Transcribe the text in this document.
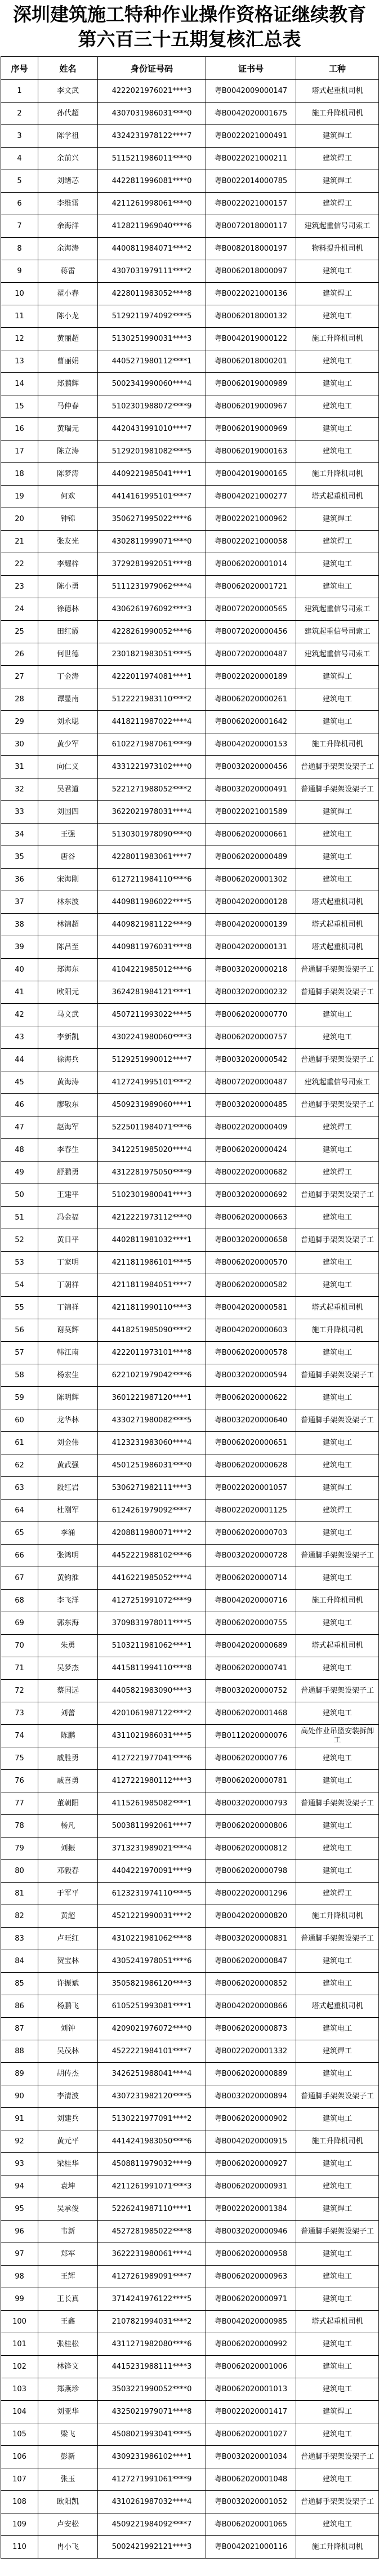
深圳建筑施工特种作业操作资格证继续教育
第六百三十五期复核汇总表
序号	姓名	身份证号码	证书号	工种
1	李文武	4222021976021****3	粤B0042009000147	塔式起重机司机
2	孙代超	4307031986031****0	粤B0042020001675	施工升降机司机
3	陈学祖	4324231978122****7	粤B0022021000491	建筑焊工
4	余前兴	5115211986011****0	粤B0022021000211	建筑焊工
5	刘绪芯	4422811996081****0	粤B0022014000785	建筑焊工
6	李维雷	4211261998061****0	粤B0022021000157	建筑焊工
7	余海洋	4128211969040****6	粤B0072018000117	建筑起重信号司索工
8	余海涛	4400811984071****2	粤B0082018000197	物料提升机司机
9	蒋雷	4307031979111****2	粤B0062018000097	建筑电工
10	翟小春	4228011983052****8	粤B0022021000136	建筑焊工
11	陈小龙	5129211974092****5	粤B0062018000132	建筑电工
12	黄丽超	5130251990031****3	粤B0042019000122	施工升降机司机
13	曹丽娟	4405271980112****1	粤B0062018000201	建筑电工
14	郑鹏辉	5002341990060****4	粤B0062019000989	建筑电工
15	马仲春	5102301988072****9	粤B0062019000967	建筑电工
16	黄瑞元	4420431991010****7	粤B0062019000969	建筑电工
17	陈立涛	5129201981082****5	粤B0062019000163	建筑电工
18	陈梦涛	4409221985041****1	粤B0042019000165	施工升降机司机
19	何欢	4414161995101****7	粤B0042021000277	塔式起重机司机
20	钟锦	3506271995022****6	粤B0022021000962	建筑焊工
21	张友光	4302811999071****0	粤B0022021000058	建筑焊工
22	李耀梓	3729281992051****8	粤B0062020001014	建筑电工
23	陈小勇	5111231979062****4	粤B0062020001721	建筑电工
24	徐德林	4306261976092****3	粤B0072020000565	建筑起重信号司索工
25	田红霞	4228261990052****6	粤B0072020000456	建筑起重信号司索工
26	何世德	2301821983051****5	粤B0072020000487	建筑起重信号司索工
27	丁金涛	4222011974081****1	粤B0022020000189	建筑焊工
28	谭显南	5122221983110****2	粤B0062020000261	建筑电工
29	刘永聪	4418211987022****4	粤B0062020001642	建筑电工
30	黄少军	6102271987061****9	粤B0042020000153	施工升降机司机
31	向仁义	4331221973102****0	粤B0032020000456	普通脚手架架设架子工
32	吴君道	5221271988052****2	粤B0032020000491	普通脚手架架设架子工
33	刘国四	3622021978031****4	粤B0022021001589	建筑焊工
34	王强	5130301978090****0	粤B0062020000661	建筑电工
35	唐谷	4228011983061****7	粤B0062020000489	建筑电工
36	宋海刚	6127211984110****6	粤B0062020001302	建筑电工
37	林东波	4409811986022****5	粤B0042020000128	塔式起重机司机
38	林锦超	4409821981122****9	粤B0042020000139	塔式起重机司机
39	陈吕至	4409811976031****8	粤B0042020000131	塔式起重机司机
40	郑海东	4104221985012****6	粤B0032020000218	普通脚手架架设架子工
41	欧阳元	3624281984121****1	粤B0032020000232	普通脚手架架设架子工
42	马文武	4507211993022****5	粤B0062020000770	建筑电工
43	李新凯	4302241980060****3	粤B0062020000757	建筑电工
44	徐海兵	5129251990012****7	粤B0032020000542	普通脚手架架设架子工
45	黄海涛	4127241995101****2	粤B0072020000487	建筑起重信号司索工
46	廖敬东	4509231989060****1	粤B0032020000485	普通脚手架架设架子工
47	赵海军	5225011984071****6	粤B0022020000409	建筑焊工
48	李春生	3412251985020****4	粤B0062020000424	建筑电工
49	舒鹏勇	4312281975050****9	粤B0022020000682	建筑焊工
50	王建平	5102301980041****3	粤B0032020000692	普通脚手架架设架子工
51	冯金福	4212221973112****0	粤B0062020000663	建筑电工
52	黄日平	4402811981032****1	粤B0032020000658	普通脚手架架设架子工
53	丁家明	4211811986101****5	粤B0062020000570	建筑电工
54	丁朝祥	4211811984051****7	粤B0062020000582	建筑电工
55	丁锦祥	4211811990110****3	粤B0042020000581	塔式起重机司机
56	谢莫辉	4418251985090****2	粤B0042020000603	施工升降机司机
57	韩江南	4222011973101****8	粤B0062020000578	建筑电工
58	杨宏生	6221021979042****6	粤B0032020000594	普通脚手架架设架子工
59	陈明辉	3601221987120****1	粤B0062020000622	建筑电工
60	龙华林	4330271980082****5	粤B0032020000640	普通脚手架架设架子工
61	刘金伟	4123231983060****4	粤B0062020000651	建筑电工
62	黄武强	4501251986031****0	粤B0062020000628	建筑电工
63	段红岩	5306271982111****3	粤B0022020001057	建筑焊工
64	杜刚军	6124261979092****7	粤B0022020001125	建筑焊工
65	李涌	4208811980071****2	粤B0062020000703	建筑电工
66	张鸿明	4452221988102****6	粤B0032020000728	普通脚手架架设架子工
67	黄钧淮	4416221985052****4	粤B0062020000714	建筑电工
68	李飞洋	4127251991072****9	粤B0042020000716	施工升降机司机
69	郭东海	3709831978011****5	粤B0062020000755	建筑电工
70	朱勇	5103211981062****1	粤B0042020000689	塔式起重机司机
71	吴梦杰	4415811994110****8	粤B0062020000741	建筑电工
72	蔡国远	4405821983090****3	粤B0032020000752	普通脚手架架设架子工
73	刘蕾	4201061987122****2	粤B0062020001468	建筑电工
74	陈鹏	4311021986031****5	粤B0112020000076	高处作业吊篮安装拆卸工
75	戚胜勇	4127221977041****6	粤B0062020000776	建筑电工
76	戚喜勇	4127221980112****3	粤B0062020000781	建筑电工
77	董朝阳	4115261985082****1	粤B0032020000793	普通脚手架架设架子工
78	杨凡	5003811992061****7	粤B0062020000806	建筑电工
79	刘振	3713231989021****4	粤B0062020000812	建筑电工
80	邓毅春	4404221970091****9	粤B0062020000798	建筑电工
81	于军平	6123231974110****5	粤B0022020001296	建筑焊工
82	黄超	4521221990031****2	粤B0042020000820	施工升降机司机
83	卢旺红	4310221981062****8	粤B0032020000831	普通脚手架架设架子工
84	贺宝林	4305241978051****6	粤B0062020000847	建筑电工
85	许振斌	3505821986120****3	粤B0062020000852	建筑电工
86	杨鹏飞	6105251993081****1	粤B0042020000866	塔式起重机司机
87	刘钟	4209021976072****0	粤B0062020000873	建筑电工
88	吴茂林	4522221984101****7	粤B0022020001332	建筑焊工
89	胡传杰	3426251988041****4	粤B0062020000889	建筑电工
90	李清波	4307231982120****5	粤B0032020000894	普通脚手架架设架子工
91	刘建兵	5130221977091****2	粤B0062020000902	建筑电工
92	黄元平	4414241983050****6	粤B0042020000915	施工升降机司机
93	梁桂华	4508811979032****9	粤B0062020000927	建筑电工
94	袁坤	4211261991071****3	粤B0062020000931	建筑电工
95	吴承俊	5226241987110****1	粤B0022020001384	建筑焊工
96	韦新	4527281985022****8	粤B0032020000946	普通脚手架架设架子工
97	郑军	3622231980061****4	粤B0062020000958	建筑电工
98	王辉	4127261989091****7	粤B0062020000963	建筑电工
99	王长真	3714241976122****5	粤B0062020000971	建筑电工
100	王鑫	2107821994031****2	粤B0042020000985	塔式起重机司机
101	张桂松	4311271982080****6	粤B0062020000992	建筑电工
102	林锋文	4415231988111****3	粤B0062020001006	建筑电工
103	郑燕珍	3503221990052****0	粤B0062020001013	建筑电工
104	刘亚华	4325021979071****8	粤B0022020001417	建筑焊工
105	梁飞	4508021993041****5	粤B0062020001027	建筑电工
106	彭新	4309231986102****1	粤B0032020001034	普通脚手架架设架子工
107	张玉	4127271991061****9	粤B0062020001048	建筑电工
108	欧阳凯	4310261987032****4	粤B0032020001052	普通脚手架架设架子工
109	卢安松	4509221984092****7	粤B0062020001065	建筑电工
110	冉小飞	5002421992121****3	粤B0042021000116	施工升降机司机
